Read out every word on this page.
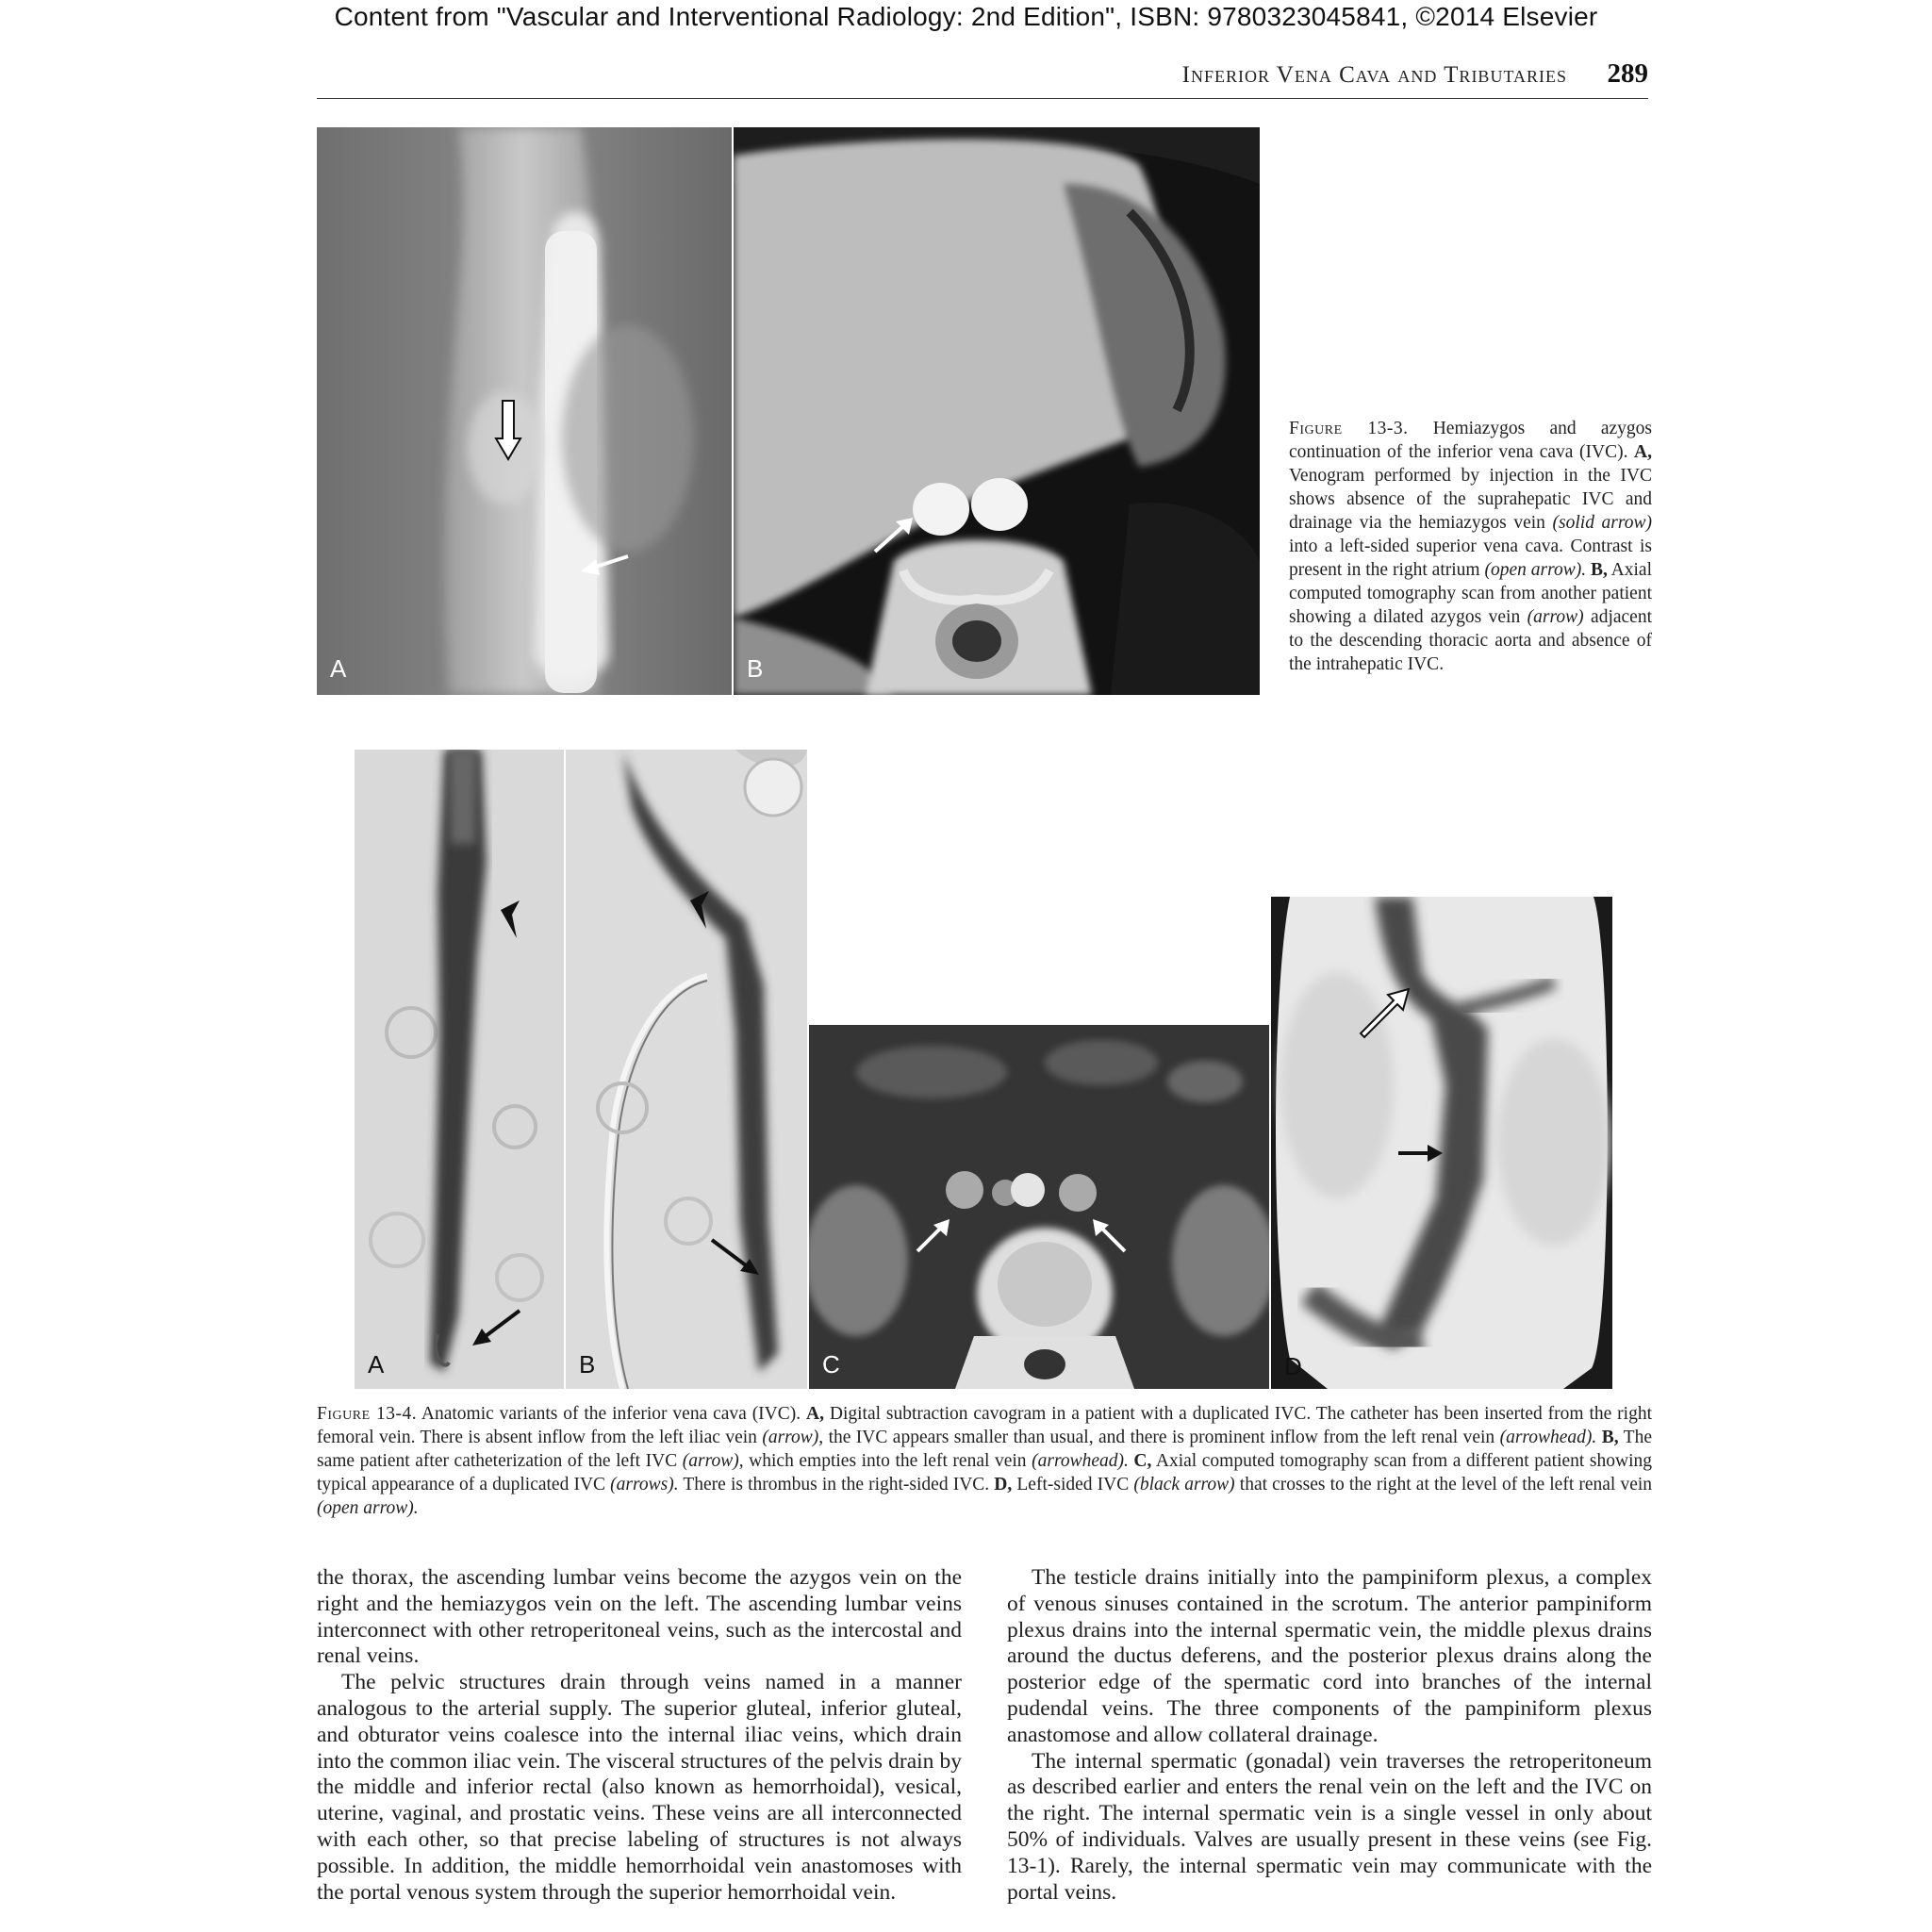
Content from "Vascular and Interventional Radiology: 2nd Edition", ISBN: 9780323045841, ©2014 Elsevier
Inferior Vena Cava and Tributaries 289
A	B
Figure 13-3. Hemiazygos and azygos continuation of the inferior vena cava (IVC). A, Venogram performed by injection in the IVC shows absence of the suprahepatic IVC and drainage via the hemiazygos vein (solid arrow) into a left-sided superior vena cava. Contrast is present in the right atrium (open arrow). B, Axial computed tomography scan from another patient showing a dilated azygos vein (arrow) adjacent to the descending thoracic aorta and absence of the intrahepatic IVC.
A	B	C	D
Figure 13-4. Anatomic variants of the inferior vena cava (IVC). A, Digital subtraction cavogram in a patient with a duplicated IVC. The catheter has been inserted from the right femoral vein. There is absent inflow from the left iliac vein (arrow), the IVC appears smaller than usual, and there is prominent inflow from the left renal vein (arrowhead). B, The same patient after catheterization of the left IVC (arrow), which empties into the left renal vein (arrowhead). C, Axial computed tomography scan from a different patient showing typical appearance of a duplicated IVC (arrows). There is thrombus in the right-sided IVC. D, Left-sided IVC (black arrow) that crosses to the right at the level of the left renal vein (open arrow).

the thorax, the ascending lumbar veins become the azygos vein on the right and the hemiazygos vein on the left. The ascending lumbar veins interconnect with other retroperitoneal veins, such as the intercostal and renal veins.

The pelvic structures drain through veins named in a manner analogous to the arterial supply. The superior gluteal, inferior gluteal, and obturator veins coalesce into the internal iliac veins, which drain into the common iliac vein. The visceral structures of the pelvis drain by the middle and inferior rectal (also known as hemorrhoidal), vesical, uterine, vaginal, and prostatic veins. These veins are all interconnected with each other, so that precise labeling of structures is not always possible. In addition, the middle hemorrhoidal vein anastomoses with the portal venous system through the superior hemorrhoidal vein.

The testicle drains initially into the pampiniform plexus, a complex of venous sinuses contained in the scrotum. The anterior pampiniform plexus drains into the internal spermatic vein, the middle plexus drains around the ductus deferens, and the posterior plexus drains along the posterior edge of the spermatic cord into branches of the internal pudendal veins. The three components of the pampiniform plexus anastomose and allow collateral drainage.

The internal spermatic (gonadal) vein traverses the retroperitoneum as described earlier and enters the renal vein on the left and the IVC on the right. The internal spermatic vein is a single vessel in only about 50% of individuals. Valves are usually present in these veins (see Fig. 13-1). Rarely, the internal spermatic vein may communicate with the portal veins.
